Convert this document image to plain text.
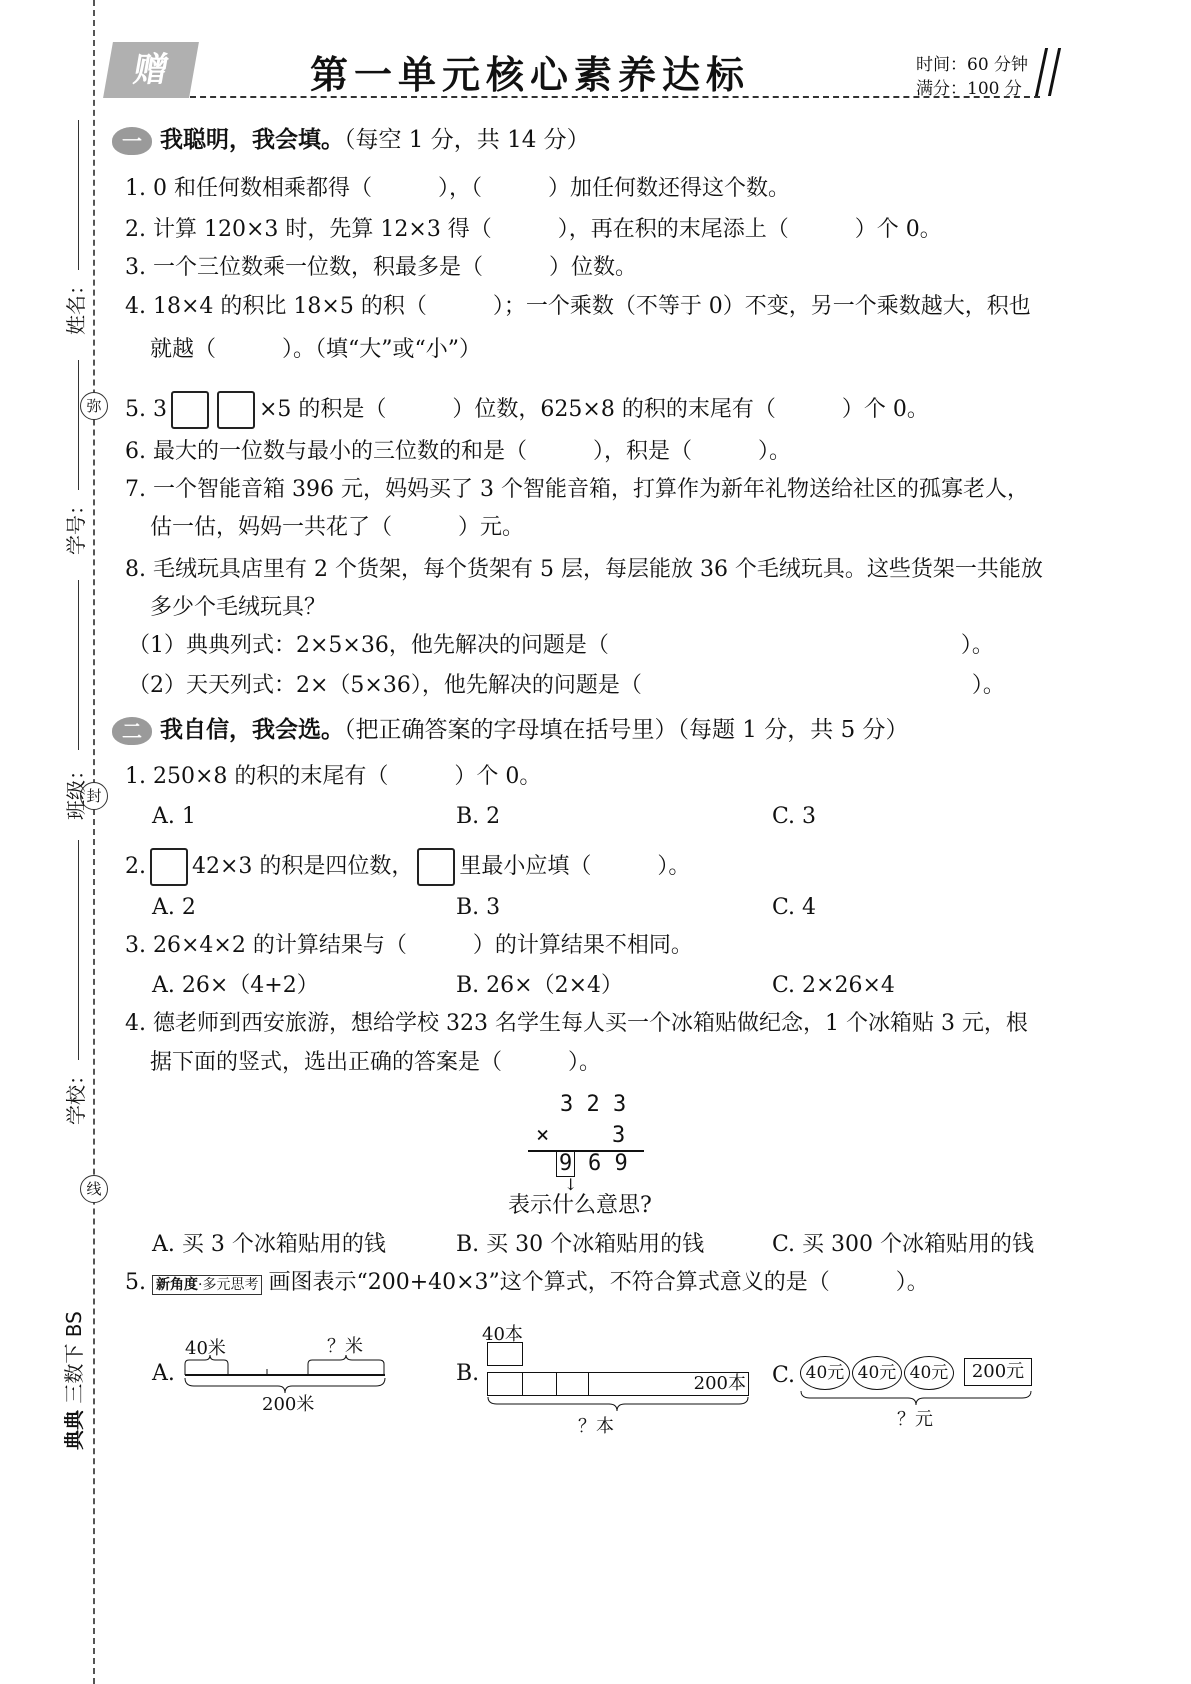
弥
封
线
姓名：
学号：
班级：
学校：
典典 三数下 BS
赠	第一单元核心素养达标	时间：60 分钟
满分：100 分
一 我聪明，我会填。（每空 1 分，共 14 分）
1. 0 和任何数相乘都得（　　　），（　　　）加任何数还得这个数。
2. 计算 120×3 时，先算 12×3 得（　　　），再在积的末尾添上（　　　）个 0。
3. 一个三位数乘一位数，积最多是（　　　）位数。
4. 18×4 的积比 18×5 的积（　　　）；一个乘数（不等于 0）不变，另一个乘数越大，积也
就越（　　　）。（填“大”或“小”）
5. 3	×5 的积是（　　　）位数，625×8 的积的末尾有（　　　）个 0。
6. 最大的一位数与最小的三位数的和是（　　　），积是（　　　）。
7. 一个智能音箱 396 元，妈妈买了 3 个智能音箱，打算作为新年礼物送给社区的孤寡老人，
估一估，妈妈一共花了（　　　）元。
8. 毛绒玩具店里有 2 个货架，每个货架有 5 层，每层能放 36 个毛绒玩具。这些货架一共能放
多少个毛绒玩具？
（1）典典列式：2×5×36，他先解决的问题是（　　　　　　　　　　　　　　　　）。
（2）天天列式：2×（5×36），他先解决的问题是（　　　　　　　　　　　　　　　）。
二 我自信，我会选。（把正确答案的字母填在括号里）（每题 1 分，共 5 分）
1. 250×8 的积的末尾有（　　　）个 0。
A. 1	B. 2	C. 3
2. 42×3 的积是四位数， 里最小应填（　　　）。
A. 2	B. 3	C. 4
3. 26×4×2 的计算结果与（　　　）的计算结果不相同。
A. 26×（4+2）	B. 26×（2×4）	C. 2×26×4
4. 德老师到西安旅游，想给学校 323 名学生每人买一个冰箱贴做纪念，1 个冰箱贴 3 元，根
据下面的竖式，选出正确的答案是（　　　）。
3 2 3
×	3
9 6 9
↓
表示什么意思?
A. 买 3 个冰箱贴用的钱	B. 买 30 个冰箱贴用的钱	C. 买 300 个冰箱贴用的钱
5. 新角度·多元思考 画图表示“200+40×3”这个算式，不符合算式意义的是（　　　）。
A.
40米	？米
200米
B.
40本
200本
？本
C. 40元 40元 40元	200元
？元
